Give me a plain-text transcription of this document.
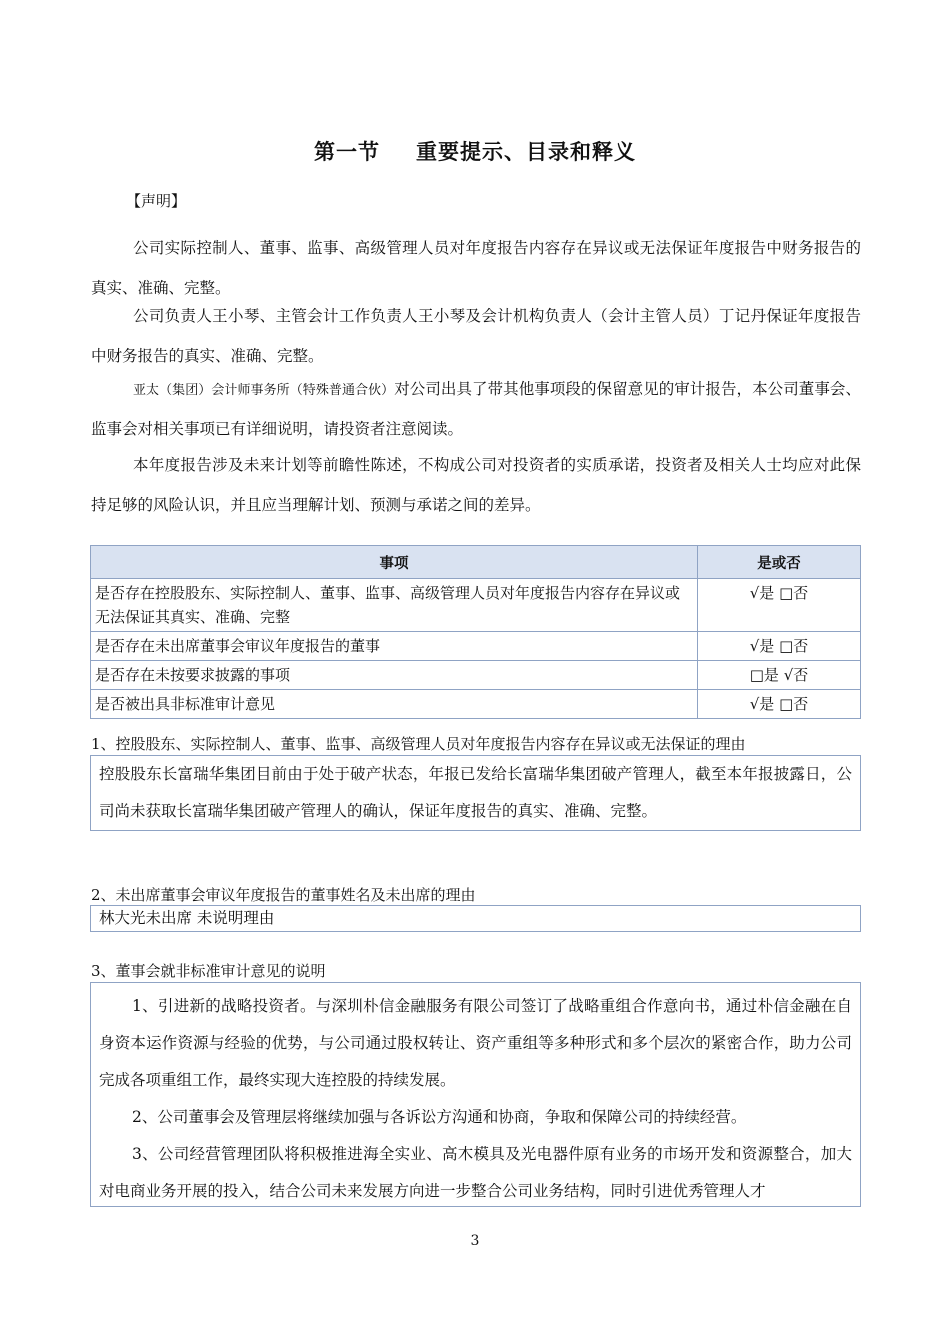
第一节 重要提示、目录和释义
【声明】

公司实际控制人、董事、监事、高级管理人员对年度报告内容存在异议或无法保证年度报告中财务报告的真实、准确、完整。

公司负责人王小琴、主管会计工作负责人王小琴及会计机构负责人（会计主管人员）丁记丹保证年度报告中财务报告的真实、准确、完整。

亚太（集团）会计师事务所（特殊普通合伙）对公司出具了带其他事项段的保留意见的审计报告，本公司董事会、监事会对相关事项已有详细说明，请投资者注意阅读。

本年度报告涉及未来计划等前瞻性陈述，不构成公司对投资者的实质承诺，投资者及相关人士均应对此保持足够的风险认识，并且应当理解计划、预测与承诺之间的差异。

事项	是或否
是否存在控股股东、实际控制人、董事、监事、高级管理人员对年度报告内容存在异议或无法保证其真实、准确、完整	√是 □否
是否存在未出席董事会审议年度报告的董事	√是 □否
是否存在未按要求披露的事项	□是 √否
是否被出具非标准审计意见	√是 □否
1、控股股东、实际控制人、董事、监事、高级管理人员对年度报告内容存在异议或无法保证的理由

控股股东长富瑞华集团目前由于处于破产状态，年报已发给长富瑞华集团破产管理人，截至本年报披露日，公司尚未获取长富瑞华集团破产管理人的确认，保证年度报告的真实、准确、完整。

2、未出席董事会审议年度报告的董事姓名及未出席的理由

林大光未出席 未说明理由

3、董事会就非标准审计意见的说明

1、引进新的战略投资者。与深圳朴信金融服务有限公司签订了战略重组合作意向书，通过朴信金融在自身资本运作资源与经验的优势，与公司通过股权转让、资产重组等多种形式和多个层次的紧密合作，助力公司完成各项重组工作，最终实现大连控股的持续发展。

2、公司董事会及管理层将继续加强与各诉讼方沟通和协商，争取和保障公司的持续经营。

3、公司经营管理团队将积极推进海全实业、高木模具及光电器件原有业务的市场开发和资源整合，加大对电商业务开展的投入，结合公司未来发展方向进一步整合公司业务结构，同时引进优秀管理人才

3
